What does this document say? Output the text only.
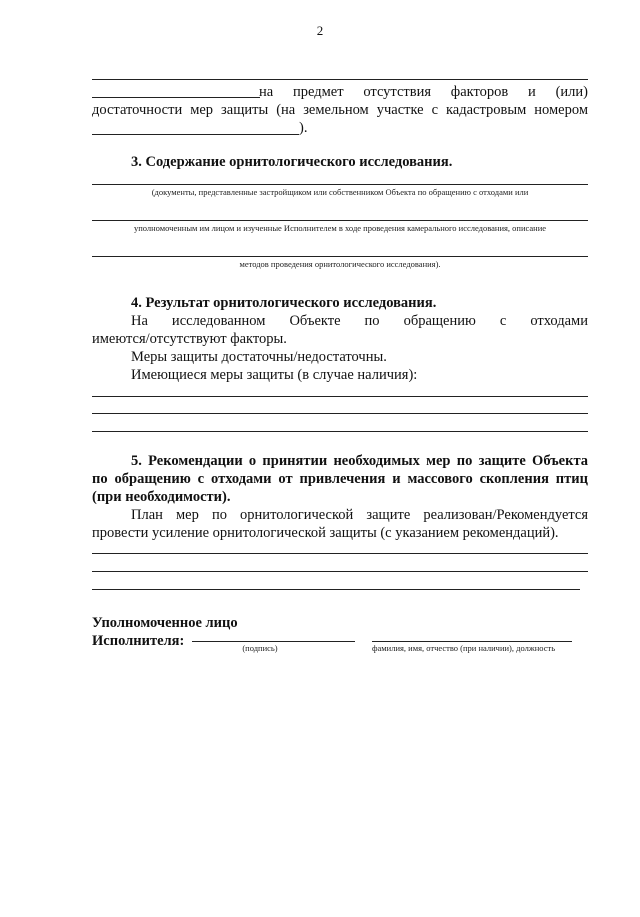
2
на предмет отсутствия факторов и (или)
достаточности мер защиты (на земельном участке с кадастровым номером
).
3. Содержание орнитологического исследования.
(документы, представленные застройщиком или собственником Объекта по обращению с отходами или
уполномоченным им лицом и изученные Исполнителем в ходе проведения камерального исследования, описание
методов проведения орнитологического исследования).
4. Результат орнитологического исследования.
На исследованном Объекте по обращению с отходами
имеются/отсутствуют факторы.
Меры защиты достаточны/недостаточны.
Имеющиеся меры защиты (в случае наличия):
5. Рекомендации о принятии необходимых мер по защите Объекта
по обращению с отходами от привлечения и массового скопления птиц
(при необходимости).
План мер по орнитологической защите реализован/Рекомендуется
провести усиление орнитологической защиты (с указанием рекомендаций).
Уполномоченное лицо
Исполнителя:	(подпись)	фамилия, имя, отчество (при наличии), должность
